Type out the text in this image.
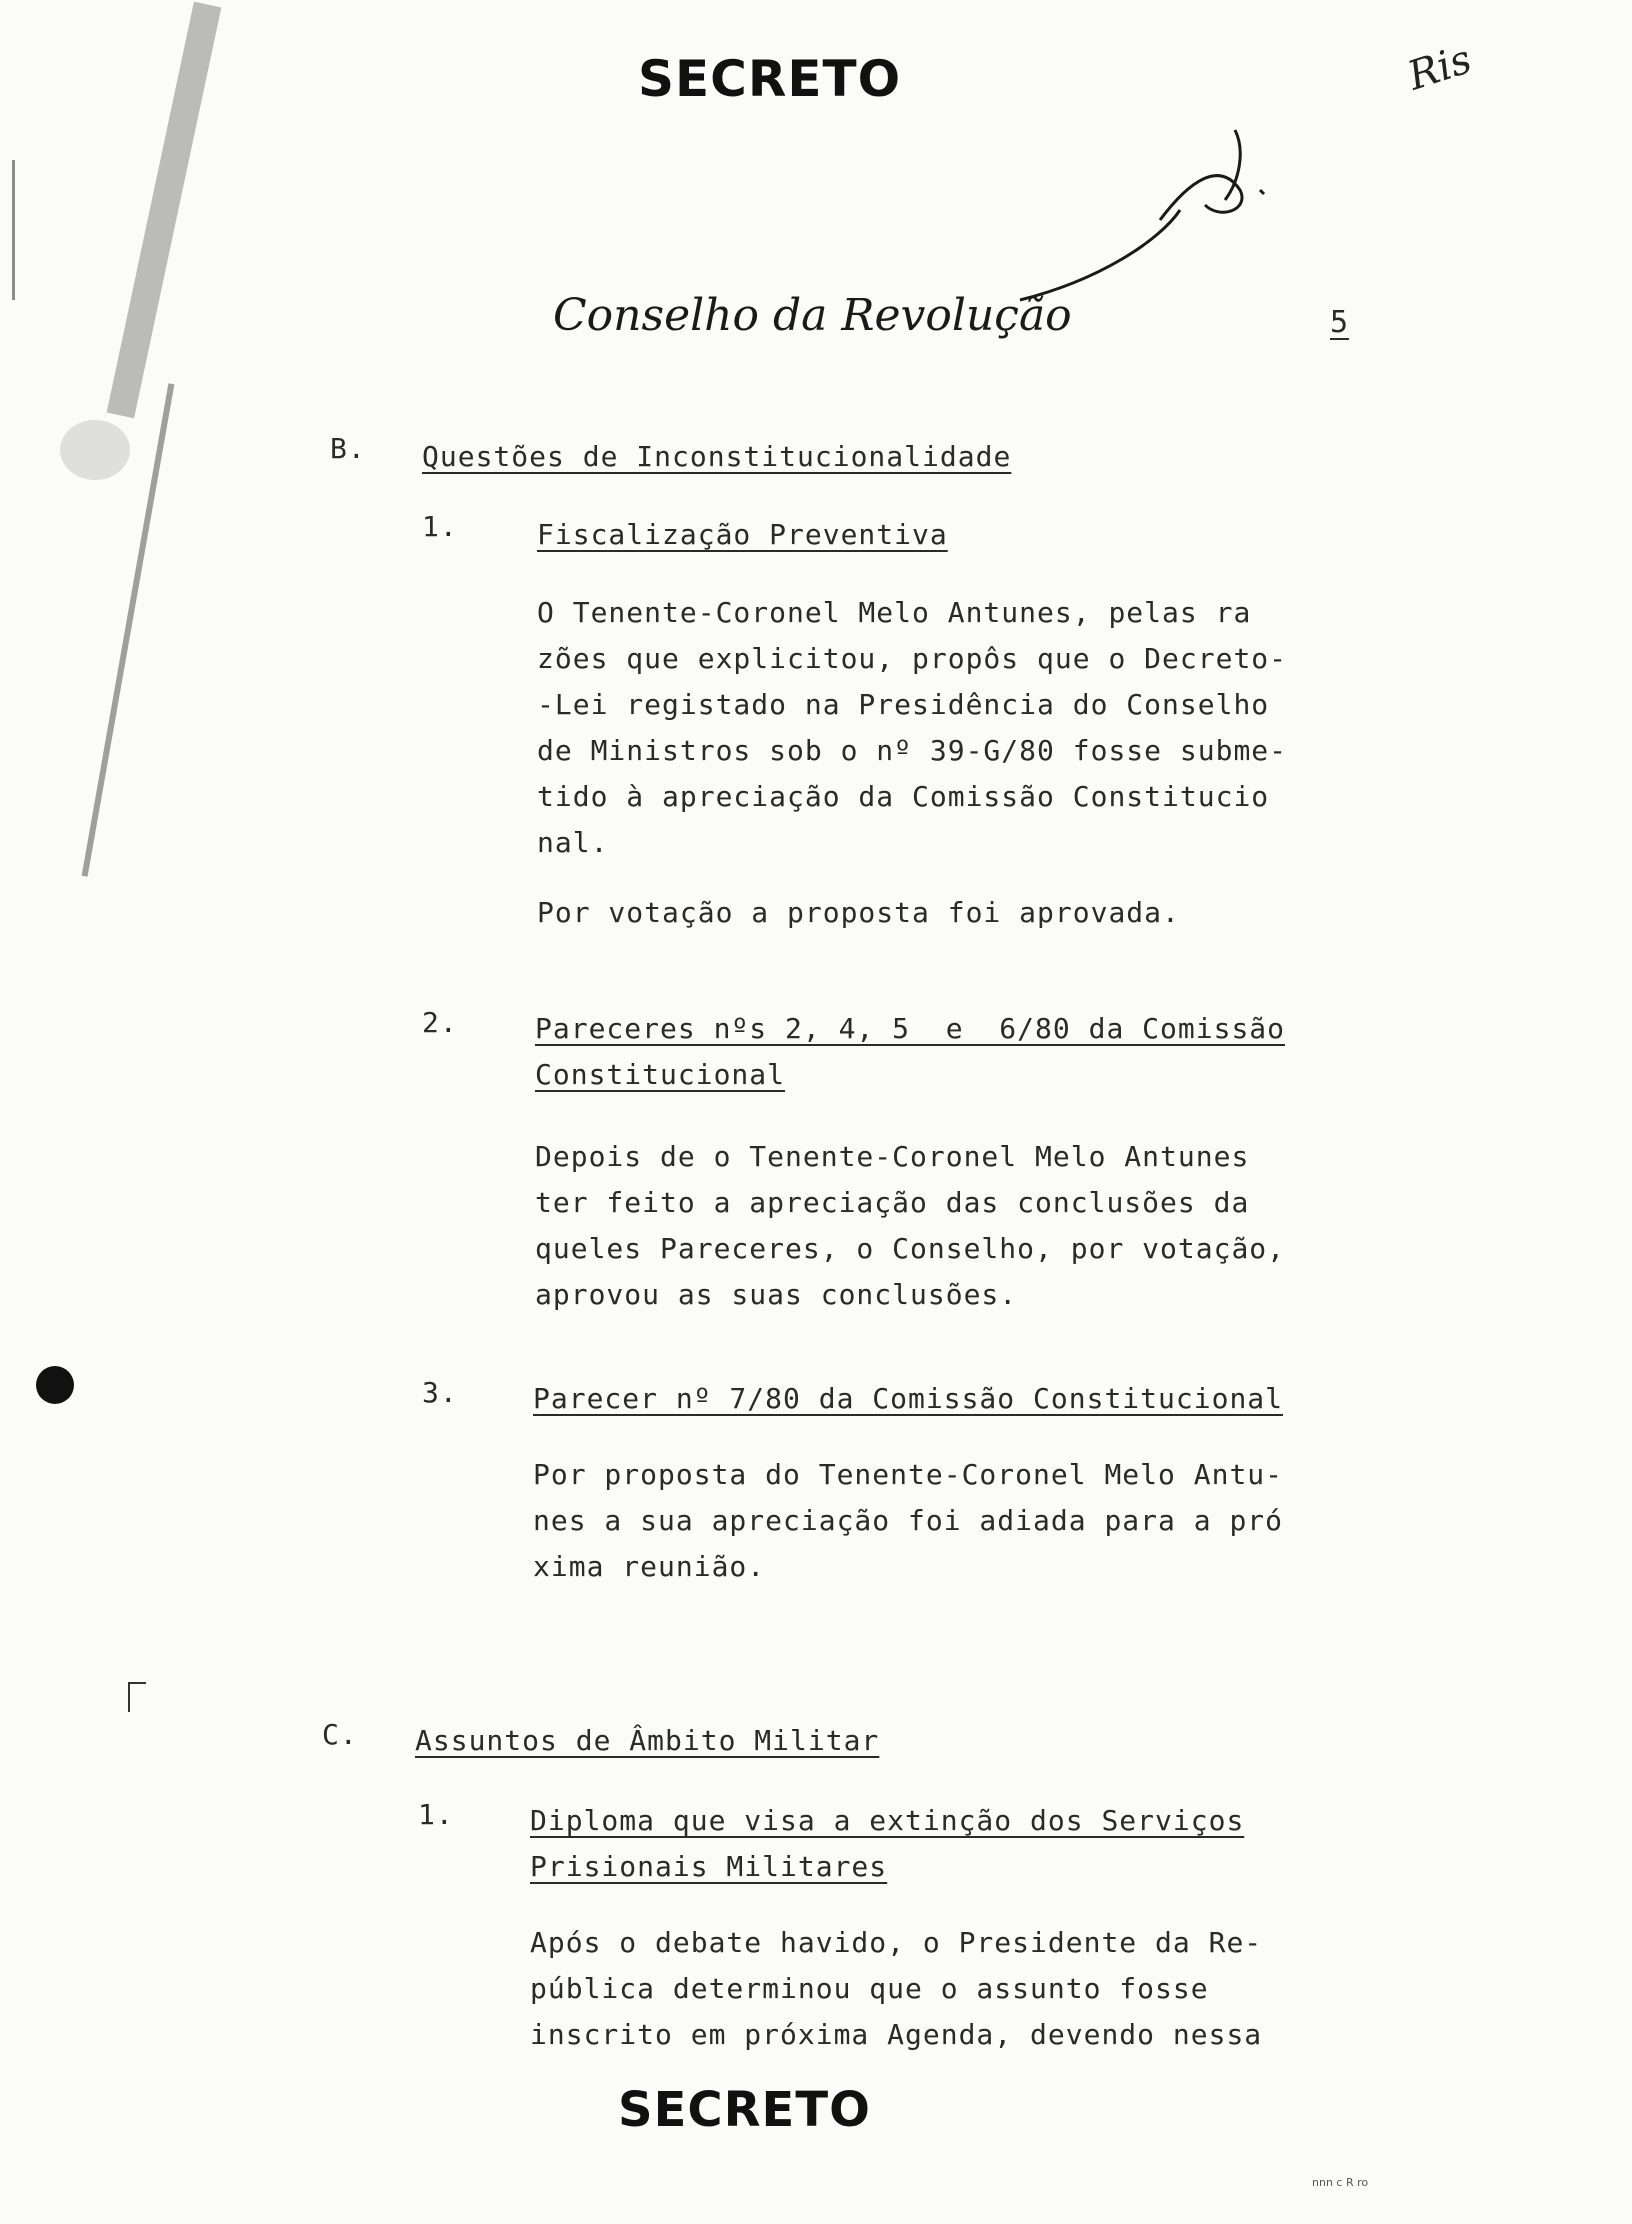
SECRETO	Ris
Conselho da Revolução	5
B. Questões de Inconstitucionalidade
1.	Fiscalização Preventiva
O Tenente-Coronel Melo Antunes, pelas ra
zões que explicitou, propôs que o Decreto-
-Lei registado na Presidência do Conselho
de Ministros sob o nº 39-G/80 fosse subme-
tido à apreciação da Comissão Constitucio
nal.
Por votação a proposta foi aprovada.
2.	Pareceres nºs 2, 4, 5  e  6/80 da Comissão
Constitucional
Depois de o Tenente-Coronel Melo Antunes
ter feito a apreciação das conclusões da
queles Pareceres, o Conselho, por votação,
aprovou as suas conclusões.
3.	Parecer nº 7/80 da Comissão Constitucional
Por proposta do Tenente-Coronel Melo Antu-
nes a sua apreciação foi adiada para a pró
xima reunião.
C. Assuntos de Âmbito Militar
1.	Diploma que visa a extinção dos Serviços
Prisionais Militares
Após o debate havido, o Presidente da Re-
pública determinou que o assunto fosse
inscrito em próxima Agenda, devendo nessa
SECRETO
nnn c R ro
